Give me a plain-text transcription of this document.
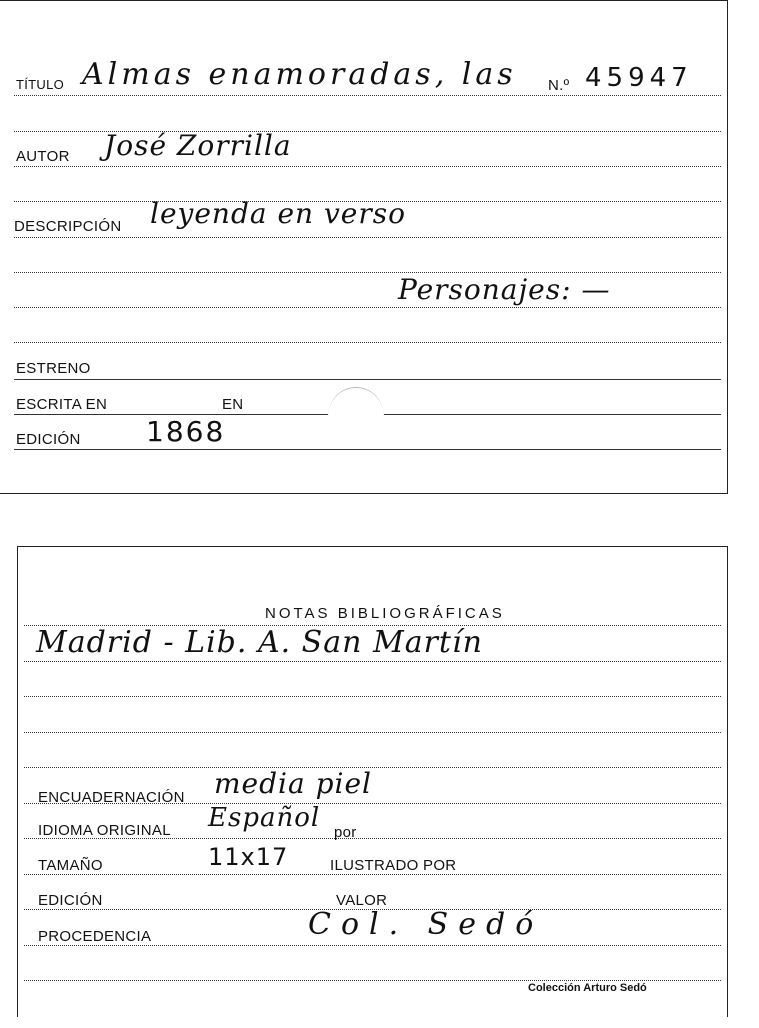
TÍTULO Almas enamoradas, las N.º 45947
AUTOR José Zorrilla
DESCRIPCIÓN leyenda en verso
Personajes: —
ESTRENO
ESCRITA EN	EN
EDICIÓN 1868
NOTAS BIBLIOGRÁFICAS
Madrid - Lib. A. San Martín
ENCUADERNACIÓN media piel
IDIOMA ORIGINAL Español por
TAMAÑO	11x17	ILUSTRADO POR
EDICIÓN	VALOR
PROCEDENCIA	Col. Sedó
Colección Arturo Sedó
